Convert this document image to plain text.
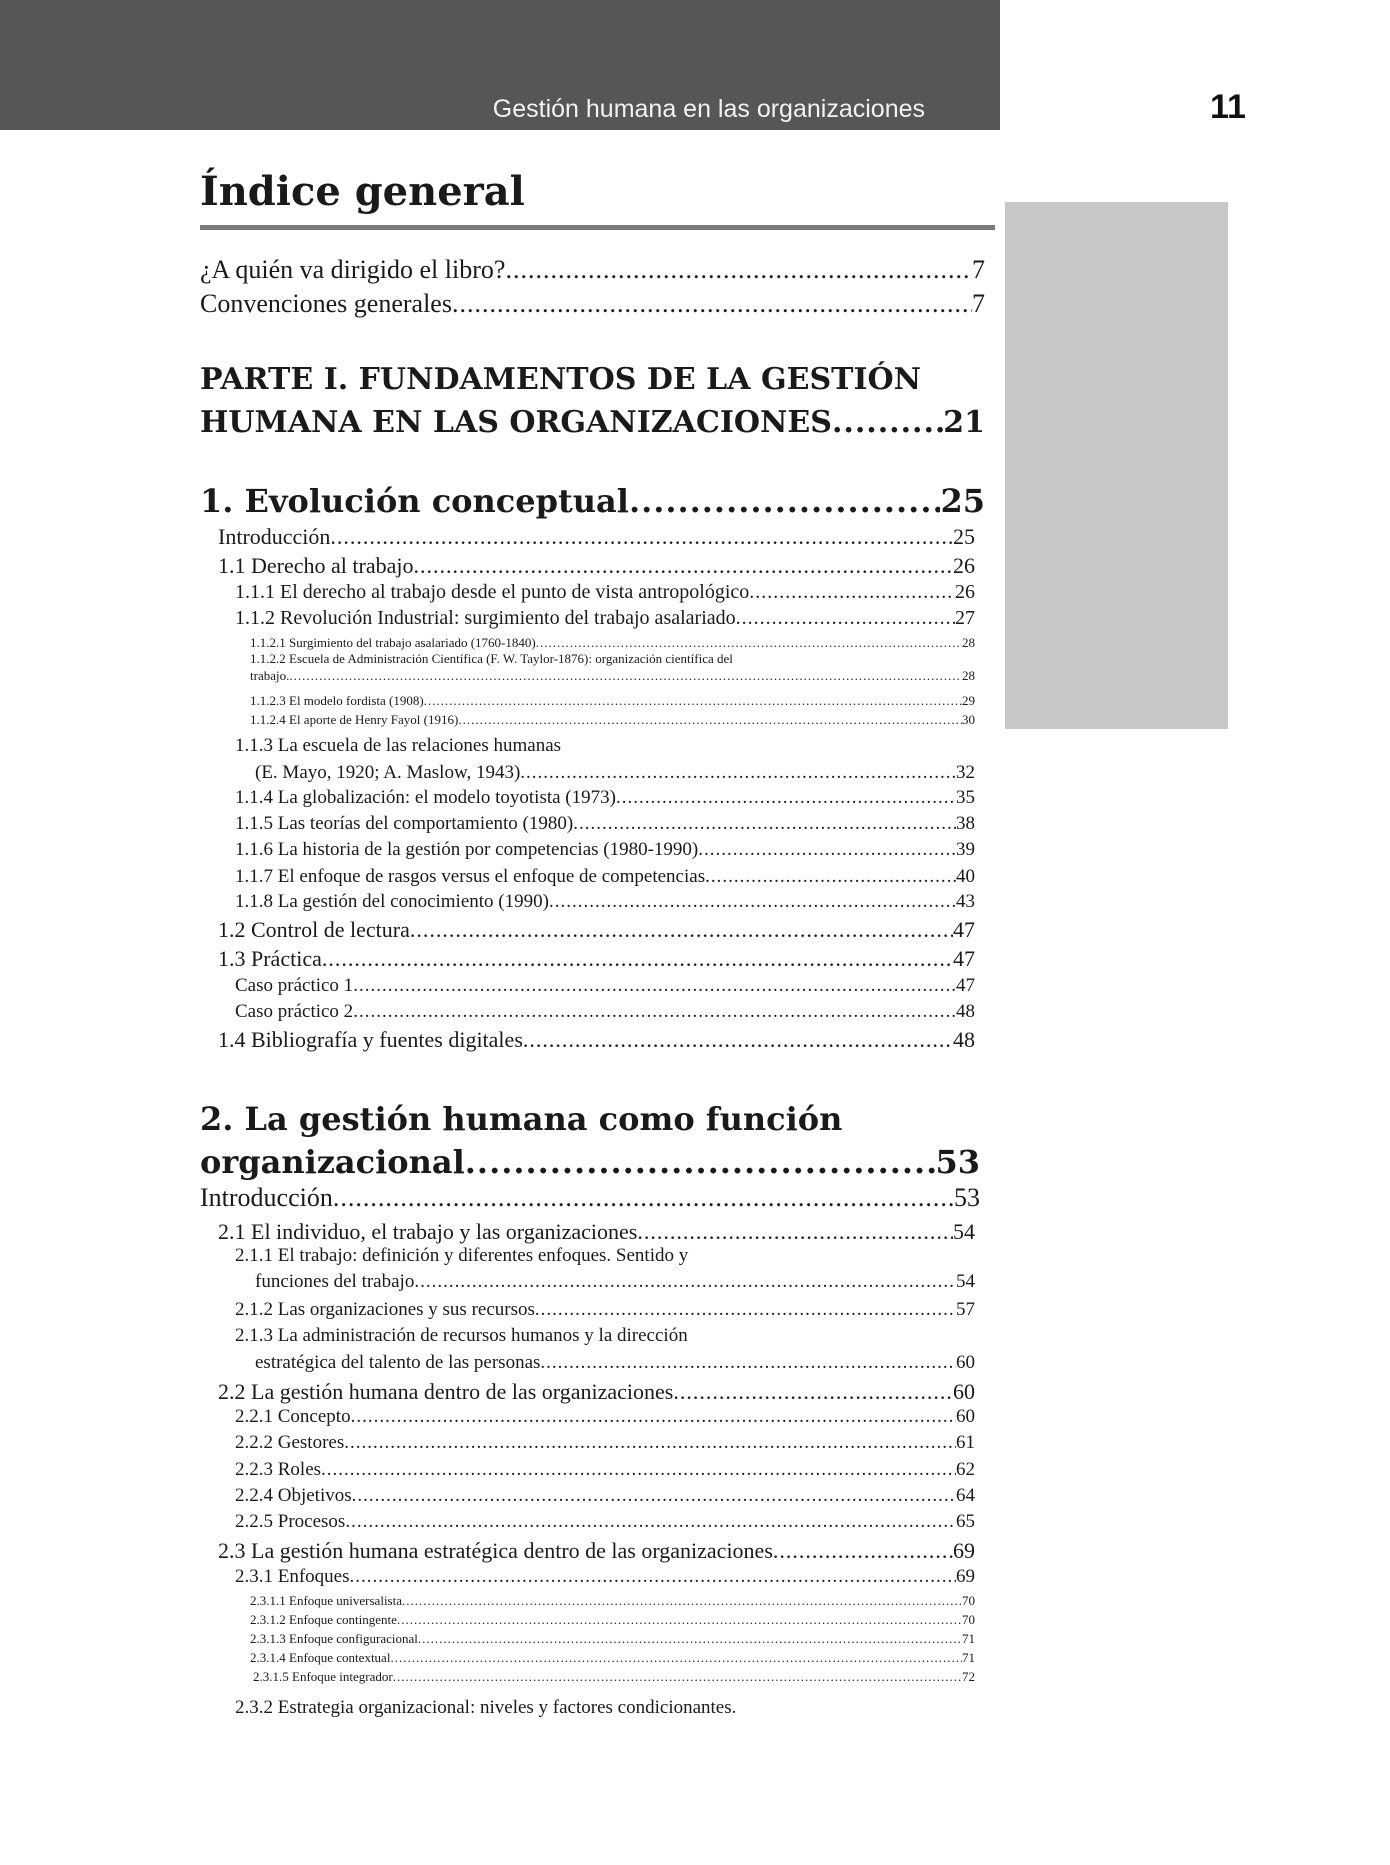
Gestión humana en las organizaciones	11
Índice general
¿A quién va dirigido el libro? .....	7
Convenciones generales .....	7
PARTE I. FUNDAMENTOS DE LA GESTIÓN
HUMANA EN LAS ORGANIZACIONES .....	21
1. Evolución conceptual .....	25
Introducción .....	25
1.1 Derecho al trabajo .....	26
1.1.1 El derecho al trabajo desde el punto de vista antropológico .....	26
1.1.2 Revolución Industrial: surgimiento del trabajo asalariado .....	27
1.1.2.1 Surgimiento del trabajo asalariado (1760-1840) .....	28
1.1.2.2 Escuela de Administración Científica (F. W. Taylor-1876): organización científica del
trabajo. .....	28
1.1.2.3 El modelo fordista (1908) .....	29
1.1.2.4 El aporte de Henry Fayol (1916) .....	30
1.1.3 La escuela de las relaciones humanas
(E. Mayo, 1920; A. Maslow, 1943) .....	32
1.1.4 La globalización: el modelo toyotista (1973) .....	35
1.1.5 Las teorías del comportamiento (1980) .....	38
1.1.6 La historia de la gestión por competencias (1980-1990) .....	39
1.1.7 El enfoque de rasgos versus el enfoque de competencias .....	40
1.1.8 La gestión del conocimiento (1990) .....	43
1.2 Control de lectura .....	47
1.3 Práctica .....	47
Caso práctico 1 .....	47
Caso práctico 2 .....	48
1.4 Bibliografía y fuentes digitales .....	48
2. La gestión humana como función
organizacional .....	53
Introducción .....	53
2.1 El individuo, el trabajo y las organizaciones .....	54
2.1.1 El trabajo: definición y diferentes enfoques. Sentido y
funciones del trabajo .....	54
2.1.2 Las organizaciones y sus recursos .....	57
2.1.3 La administración de recursos humanos y la dirección
estratégica del talento de las personas .....	60
2.2 La gestión humana dentro de las organizaciones .....	60
2.2.1 Concepto .....	60
2.2.2 Gestores .....	61
2.2.3 Roles .....	62
2.2.4 Objetivos .....	64
2.2.5 Procesos .....	65
2.3 La gestión humana estratégica dentro de las organizaciones .....	69
2.3.1 Enfoques .....	69
2.3.1.1 Enfoque universalista .....	70
2.3.1.2 Enfoque contingente .....	70
2.3.1.3 Enfoque configuracional .....	71
2.3.1.4 Enfoque contextual .....	71
2.3.1.5 Enfoque integrador .....	72
2.3.2 Estrategia organizacional: niveles y factores condicionantes.
